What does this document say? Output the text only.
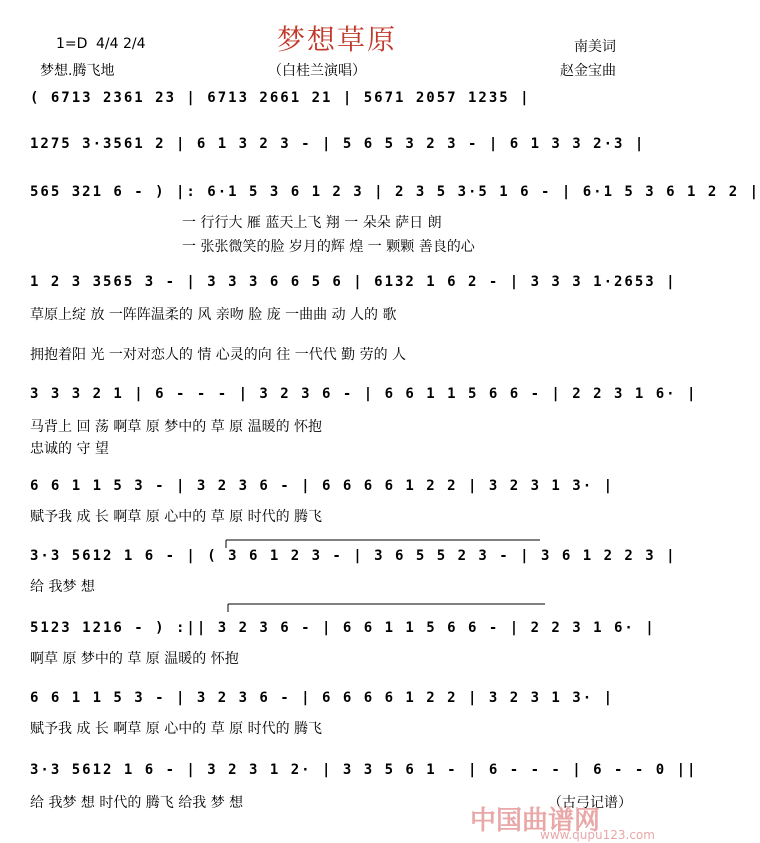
梦想草原
1=D 4/4 2/4	南美词
梦想.腾飞地	（白桂兰演唱）	赵金宝曲
( 6713 2361 23 | 6713 2661 21 | 5671 2057 1235 |
1275 3·3561 2 | 6 1 3 2 3 - | 5 6 5 3 2 3 - | 6 1 3 3 2·3 |
565 321 6 - ) |: 6·1 5 3 6 1 2 3 | 2 3 5 3·5 1 6 - | 6·1 5 3 6 1 2 2 |
一 行行大 雁 蓝天上飞 翔 一 朵朵 萨日 朗
一 张张微笑的脸 岁月的辉 煌 一 颗颗 善良的心
1 2 3 3565 3 - | 3 3 3 6 6 5 6 | 6132 1 6 2 - | 3 3 3 1·2653 |
草原上绽 放 一阵阵温柔的 风 亲吻 脸 庞 一曲曲 动 人的 歌
拥抱着阳 光 一对对恋人的 情 心灵的向 往 一代代 勤 劳的 人
3 3 3 2 1 | 6 - - - | 3 2 3 6 - | 6 6 1 1 5 6 6 - | 2 2 3 1 6· |
马背上 回 荡 啊草 原 梦中的 草 原 温暖的 怀抱
忠诚的 守 望
6 6 1 1 5 3 - | 3 2 3 6 - | 6 6 6 6 1 2 2 | 3 2 3 1 3· |
赋予我 成 长 啊草 原 心中的 草 原 时代的 腾飞
3·3 5612 1 6 - | ( 3 6 1 2 3 - | 3 6 5 5 2 3 - | 3 6 1 2 2 3 |
给 我梦 想
5123 1216 - ) :|| 3 2 3 6 - | 6 6 1 1 5 6 6 - | 2 2 3 1 6· |
啊草 原 梦中的 草 原 温暖的 怀抱
6 6 1 1 5 3 - | 3 2 3 6 - | 6 6 6 6 1 2 2 | 3 2 3 1 3· |
赋予我 成 长 啊草 原 心中的 草 原 时代的 腾飞
3·3 5612 1 6 - | 3 2 3 1 2· | 3 3 5 6 1 - | 6 - - - | 6 - - 0 ||
给 我梦 想 时代的 腾飞 给我 梦 想	（古弓记谱）
中国曲谱网
www.qupu123.com
